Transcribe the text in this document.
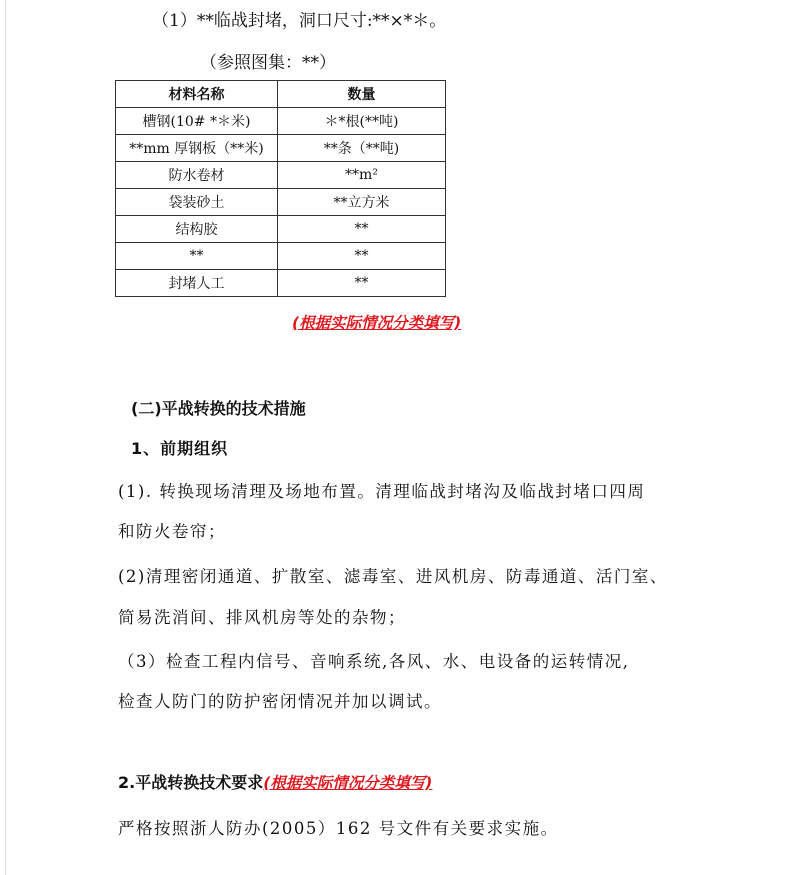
（1）**临战封堵，洞口尺寸:**×*＊。
（参照图集：**）
材料名称	数量
槽钢(10# *＊米)	＊*根(**吨)
**mm 厚钢板（**米)	**条（**吨)
防水卷材	**m²
袋装砂土	**立方米
结构胶	**
**	**
封堵人工	**
(根据实际情况分类填写)
(二)平战转换的技术措施
1、前期组织
(1). 转换现场清理及场地布置。清理临战封堵沟及临战封堵口四周
和防火卷帘；
(2)清理密闭通道、扩散室、滤毒室、进风机房、防毒通道、活门室、
简易洗消间、排风机房等处的杂物；
（3）检查工程内信号、音响系统,各风、水、电设备的运转情况,
检查人防门的防护密闭情况并加以调试。
2.平战转换技术要求(根据实际情况分类填写)
严格按照浙人防办(2005）162 号文件有关要求实施。
